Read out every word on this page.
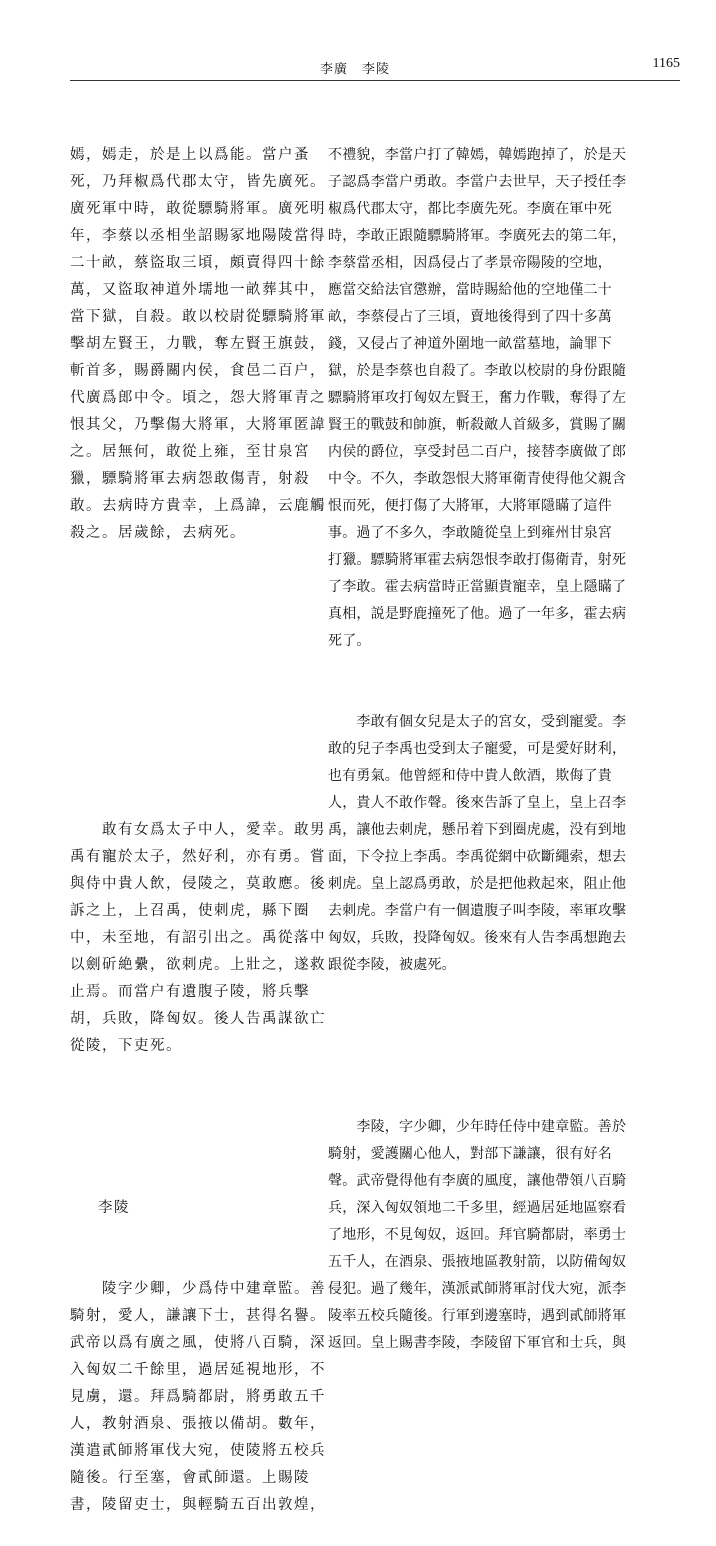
李廣　李陵	1165

嫣，嫣走，於是上以爲能。當户蚤
死，乃拜椒爲代郡太守，皆先廣死。
廣死軍中時，敢從驃騎將軍。廣死明
年，李蔡以丞相坐詔賜冢地陽陵當得
二十畝，蔡盜取三頃，頗賣得四十餘
萬，又盜取神道外壖地一畝葬其中，
當下獄，自殺。敢以校尉從驃騎將軍
擊胡左賢王，力戰，奪左賢王旗鼓，
斬首多，賜爵關内侯，食邑二百户，
代廣爲郎中令。頃之，怨大將軍青之
恨其父，乃擊傷大將軍，大將軍匿諱
之。居無何，敢從上雍，至甘泉宮
獵，驃騎將軍去病怨敢傷青，射殺
敢。去病時方貴幸，上爲諱，云鹿觸
殺之。居歲餘，去病死。

　　敢有女爲太子中人，愛幸。敢男
禹有寵於太子，然好利，亦有勇。嘗
與侍中貴人飲，侵陵之，莫敢應。後
訴之上，上召禹，使刺虎，縣下圈
中，未至地，有詔引出之。禹從落中
以劍斫絶纍，欲刺虎。上壯之，遂救
止焉。而當户有遺腹子陵，將兵擊
胡，兵敗，降匈奴。後人告禹謀欲亡
從陵，下吏死。

李陵

　　陵字少卿，少爲侍中建章監。善
騎射，愛人，謙讓下士，甚得名譽。
武帝以爲有廣之風，使將八百騎，深
入匈奴二千餘里，過居延視地形，不
見虜，還。拜爲騎都尉，將勇敢五千
人，教射酒泉、張掖以備胡。數年，
漢遣貳師將軍伐大宛，使陵將五校兵
隨後。行至塞，會貳師還。上賜陵
書，陵留吏士，與輕騎五百出敦煌，

不禮貌，李當户打了韓嫣，韓嫣跑掉了，於是天
子認爲李當户勇敢。李當户去世早，天子授任李
椒爲代郡太守，都比李廣先死。李廣在軍中死
時，李敢正跟隨驃騎將軍。李廣死去的第二年，
李蔡當丞相，因爲侵占了孝景帝陽陵的空地，
應當交給法官懲辦，當時賜給他的空地僅二十
畝，李蔡侵占了三頃，賣地後得到了四十多萬
錢，又侵占了神道外圍地一畝當墓地，論罪下
獄，於是李蔡也自殺了。李敢以校尉的身份跟隨
驃騎將軍攻打匈奴左賢王，奮力作戰，奪得了左
賢王的戰鼓和帥旗，斬殺敵人首級多，賞賜了關
内侯的爵位，享受封邑二百户，接替李廣做了郎
中令。不久，李敢怨恨大將軍衛青使得他父親含
恨而死，便打傷了大將軍，大將軍隱瞞了這件
事。過了不多久，李敢隨從皇上到雍州甘泉宮
打獵。驃騎將軍霍去病怨恨李敢打傷衛青，射死
了李敢。霍去病當時正當顯貴寵幸，皇上隱瞞了
真相，説是野鹿撞死了他。過了一年多，霍去病
死了。

　　李敢有個女兒是太子的宮女，受到寵愛。李
敢的兒子李禹也受到太子寵愛，可是愛好財利，
也有勇氣。他曾經和侍中貴人飲酒，欺侮了貴
人，貴人不敢作聲。後來告訴了皇上，皇上召李
禹，讓他去刺虎，懸吊着下到圈虎處，没有到地
面，下令拉上李禹。李禹從網中砍斷繩索，想去
刺虎。皇上認爲勇敢，於是把他救起來，阻止他
去刺虎。李當户有一個遺腹子叫李陵，率軍攻擊
匈奴，兵敗，投降匈奴。後來有人告李禹想跑去
跟從李陵，被處死。

　　李陵，字少卿，少年時任侍中建章監。善於
騎射，愛護關心他人，對部下謙讓，很有好名
聲。武帝覺得他有李廣的風度，讓他帶領八百騎
兵，深入匈奴領地二千多里，經過居延地區察看
了地形，不見匈奴，返回。拜官騎都尉，率勇士
五千人，在酒泉、張掖地區教射箭，以防備匈奴
侵犯。過了幾年，漢派貳師將軍討伐大宛，派李
陵率五校兵隨後。行軍到邊塞時，遇到貳師將軍
返回。皇上賜書李陵，李陵留下軍官和士兵，與
